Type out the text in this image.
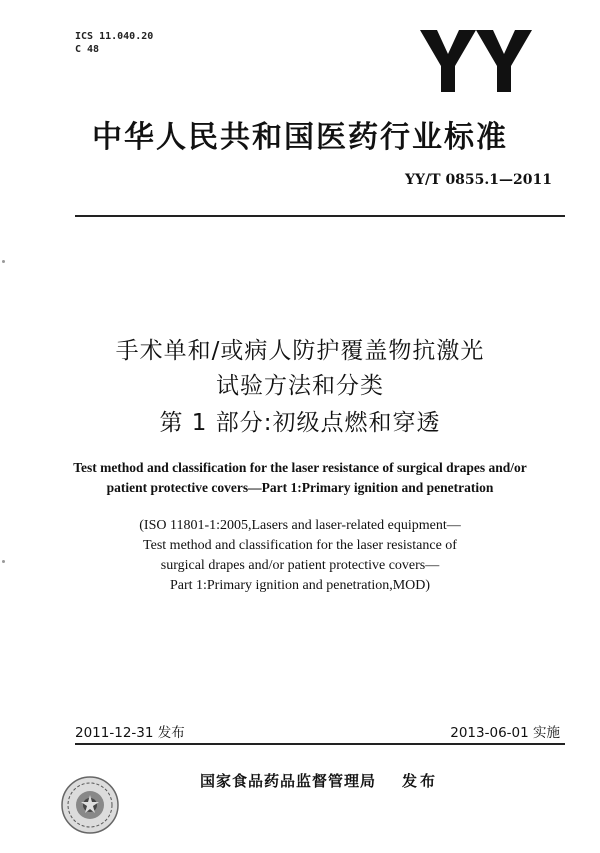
ICS 11.040.20
C 48
中华人民共和国医药行业标准
YY/T 0855.1—2011
手术单和/或病人防护覆盖物抗激光
试验方法和分类
第 1 部分:初级点燃和穿透
Test method and classification for the laser resistance of surgical drapes and/or
patient protective covers—Part 1:Primary ignition and penetration
(ISO 11801-1:2005,Lasers and laser-related equipment—
Test method and classification for the laser resistance of
surgical drapes and/or patient protective covers—
Part 1:Primary ignition and penetration,MOD)
2011-12-31 发布	2013-06-01 实施
国家食品药品监督管理局 发布
